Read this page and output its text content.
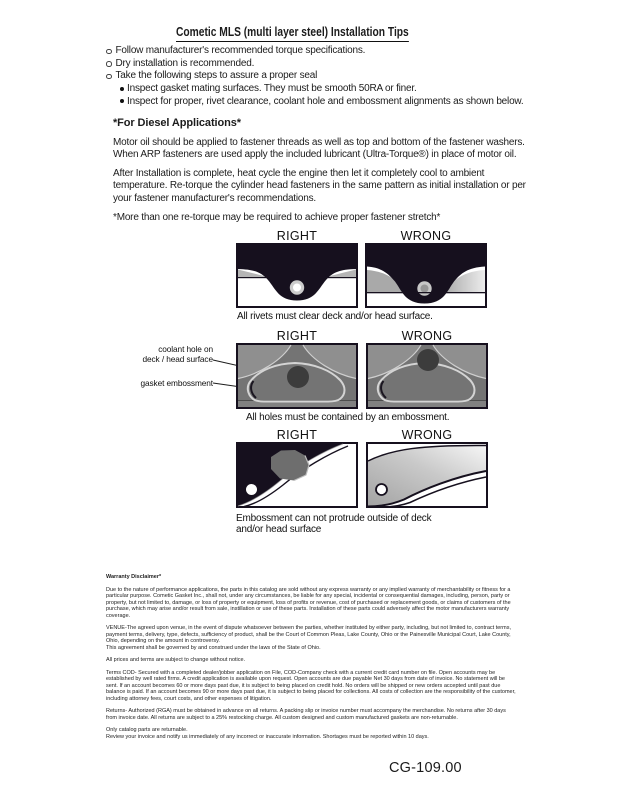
Cometic MLS (multi layer steel) Installation Tips
Follow manufacturer's recommended torque specifications.
Dry installation is recommended.
Take the following steps to assure a proper seal
Inspect gasket mating surfaces. They must be smooth 50RA or finer.
Inspect for proper, rivet clearance, coolant hole and embossment alignments as shown below.
*For Diesel Applications*

Motor oil should be applied to fastener threads as well as top and bottom of the fastener washers. When ARP fasteners are used apply the included lubricant (Ultra-Torque®) in place of motor oil.

After Installation is complete, heat cycle the engine then let it completely cool to ambient temperature. Re-torque the cylinder head fasteners in the same pattern as initial installation or per your fastener manufacturer's recommendations.

*More than one re-torque may be required to achieve proper fastener stretch*

RIGHT	WRONG
All rivets must clear deck and/or head surface.
coolant hole on
deck / head surface
gasket embossment
RIGHT	WRONG
All holes must be contained by an embossment.
RIGHT	WRONG
Embossment can not protrude outside of deck
and/or head surface

Warranty Disclaimer*

Due to the nature of performance applications, the parts in this catalog are sold without any express warranty or any implied warranty of merchantability or fitness for a particular purpose. Cometic Gasket Inc., shall not, under any circumstances, be liable for any special, incidental or consequential damages, including, person, party or property, but not limited to, damage, or loss of property or equipment, loss of profits or revenue, cost of purchased or replacement goods, or claims of customers of the purchase, which may arise and/or result from sale, instillation or use of these parts. Installation of these parts could adversely affect the motor manufacturers warranty coverage.

VENUE-The agreed upon venue, in the event of dispute whatsoever between the parties, whether instituted by either party, including, but not limited to, contract terms, payment terms, delivery, type, defects, sufficiency of product, shall be the Court of Common Pleas, Lake County, Ohio or the Painesville Municipal Court, Lake County, Ohio, depending on the amount in controversy.

This agreement shall be governed by and construed under the laws of the State of Ohio.

All prices and terms are subject to change without notice.

Terms COD- Secured with a completed dealer/jobber application on File, COD-Company check with a current credit card number on file. Open accounts may be established by well rated firms. A credit application is available upon request. Open accounts are due payable Net 30 days from date of invoice. No statement will be sent. If an account becomes 60 or more days past due, it is subject to being placed on credit hold. No orders will be shipped or new orders accepted until past due balance is paid. If an account becomes 90 or more days past due, it is subject to being placed for collections. All costs of collection are the responsibility of the customer, including attorney fees, court costs, and other expenses of litigation.

Returns- Authorized (RGA) must be obtained in advance on all returns. A packing slip or invoice number must accompany the merchandise. No returns after 30 days from invoice date. All returns are subject to a 25% restocking charge. All custom designed and custom manufactured gaskets are non-returnable.

Only catalog parts are returnable.

Review your invoice and notify us immediately of any incorrect or inaccurate information. Shortages must be reported within 10 days.

CG-109.00
